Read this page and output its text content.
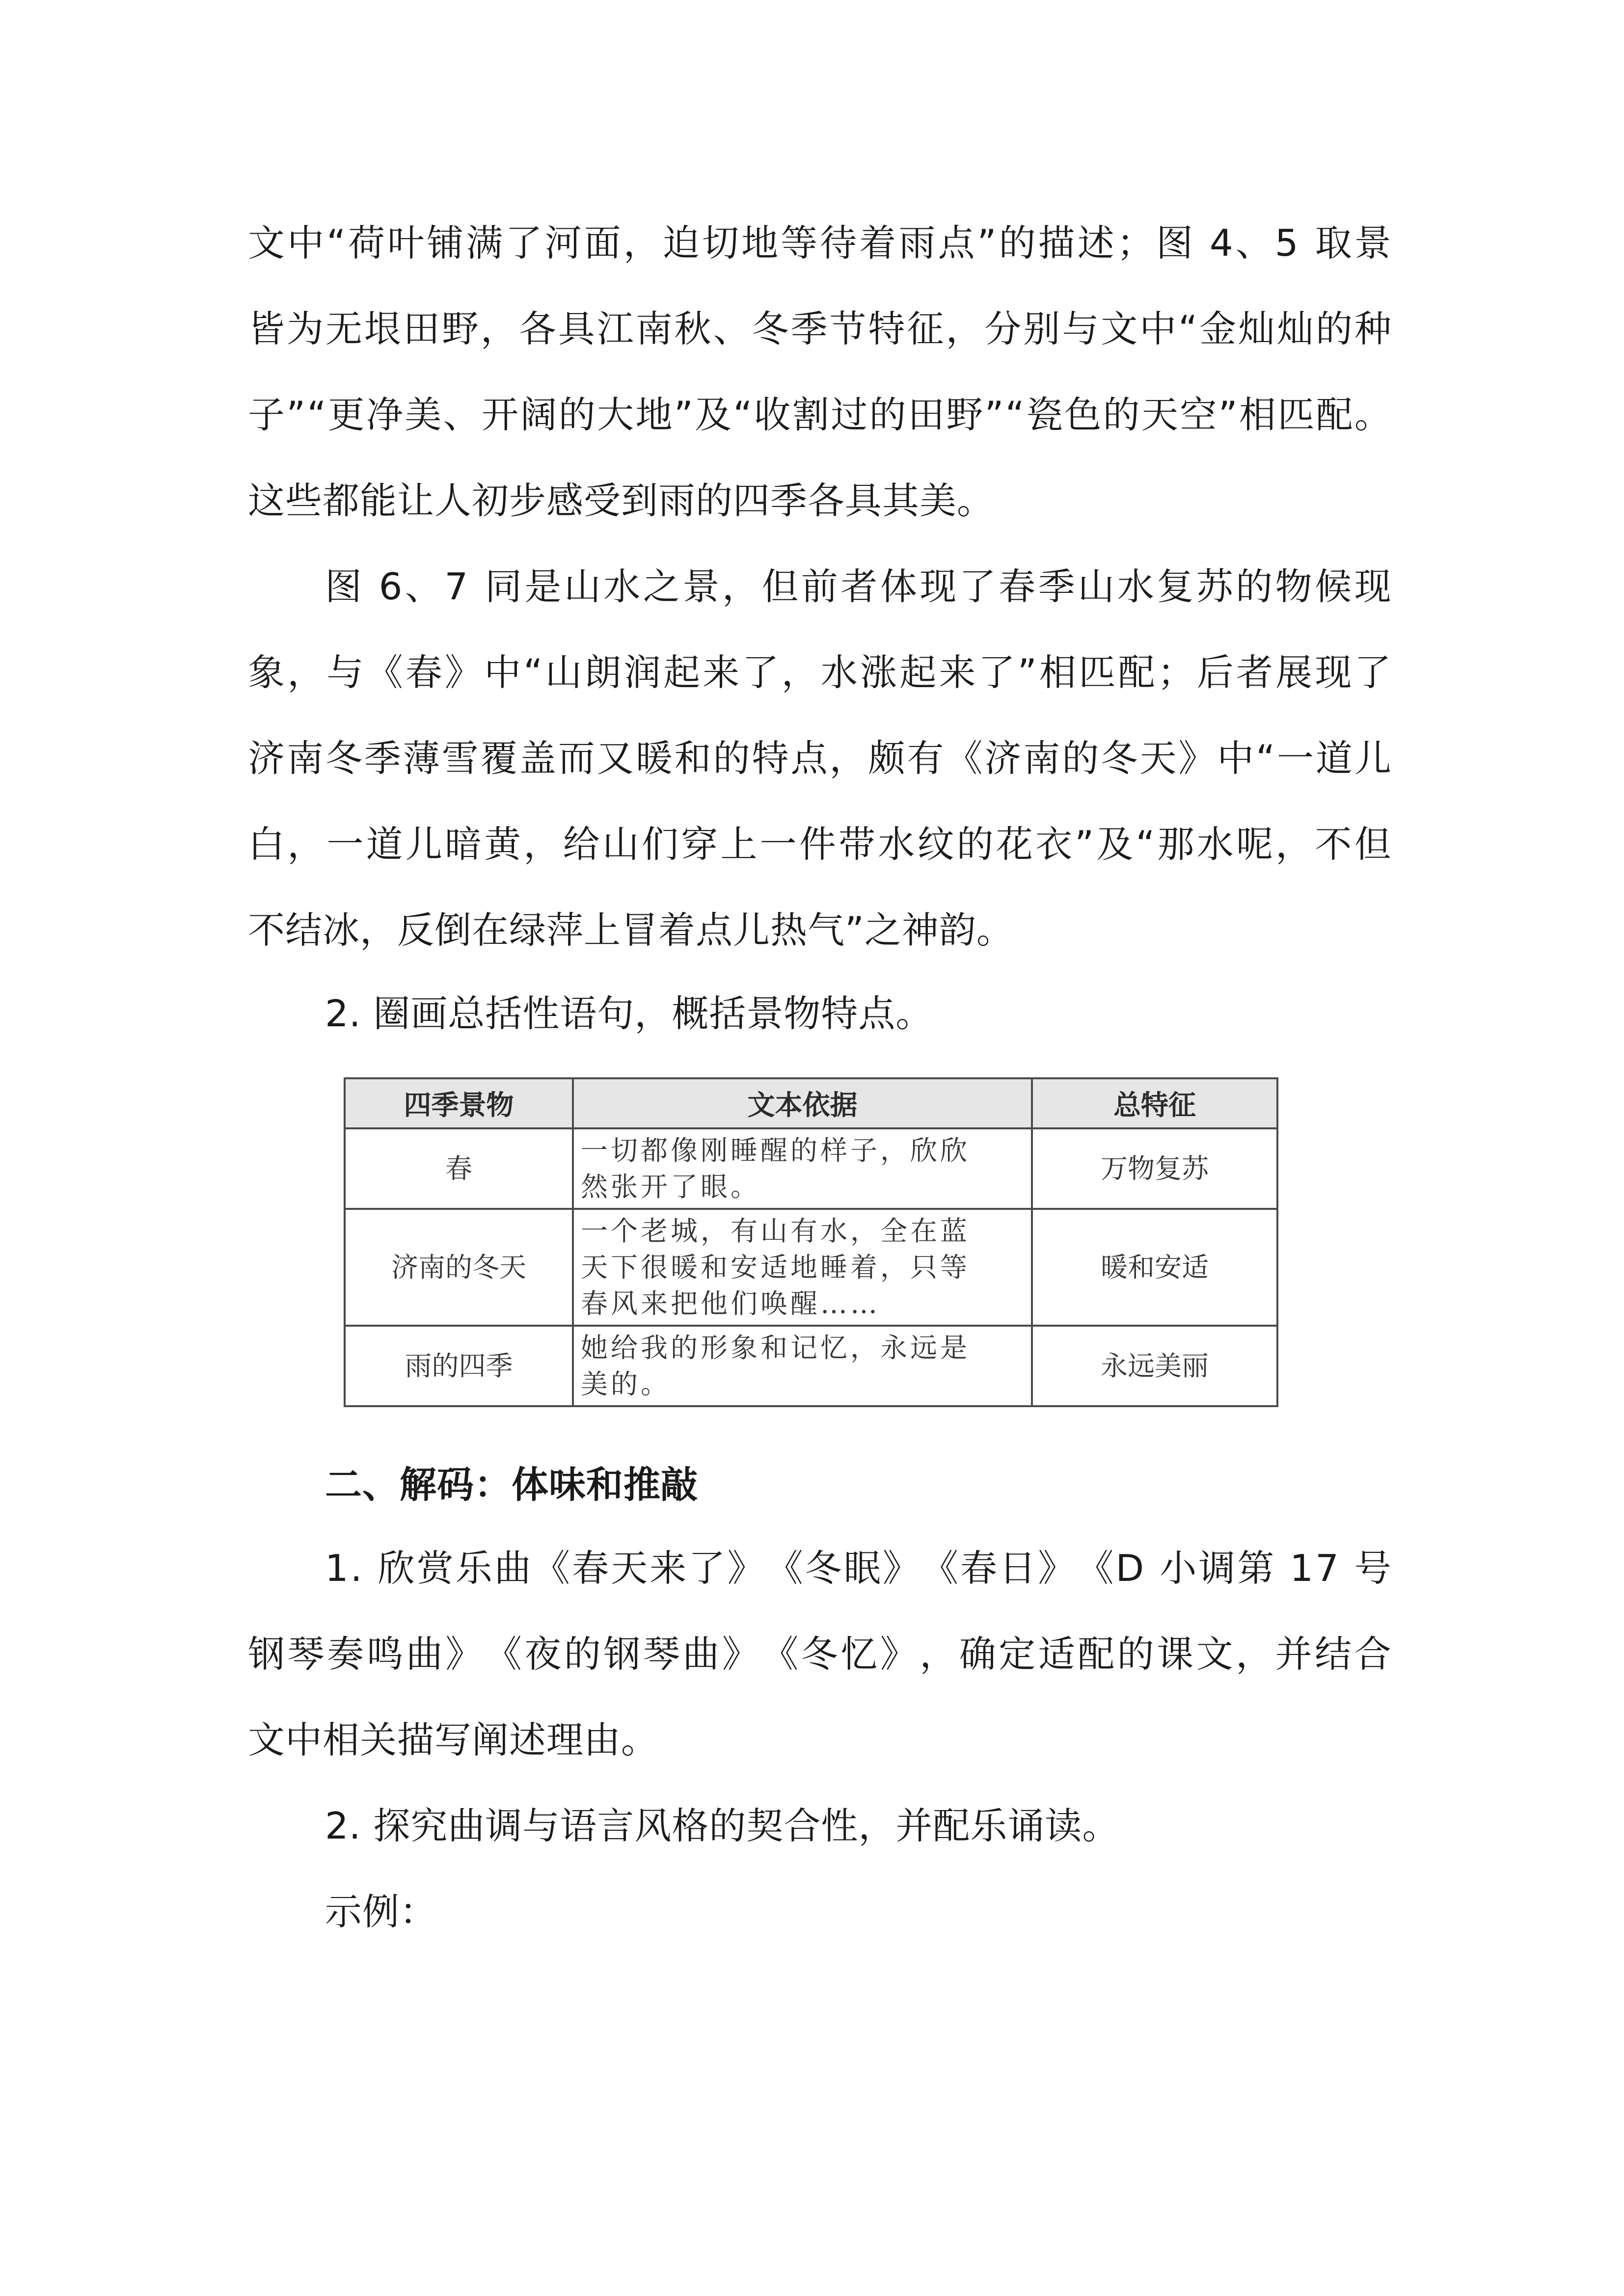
文 中 “ 荷 叶 铺 满 了 河 面 ， 迫 切 地 等 待 着 雨 点 ” 的 描 述 ； 图
4 、 5
取 景
皆 为 无 垠 田 野 ， 各 具 江 南 秋 、 冬 季 节 特 征 ， 分 别 与 文 中 “ 金 灿 灿 的 种
子 ” “ 更 净 美 、 开 阔 的 大 地 ” 及 “ 收 割 过 的 田 野 ” “ 瓷 色 的 天 空 ” 相 匹 配 。
这些都能让人初步感受到雨的四季各具其美。
图
6 、 7
同 是 山 水 之 景 ， 但 前 者 体 现 了 春 季 山 水 复 苏 的 物 候 现
象 ， 与 《 春 》 中 “ 山 朗 润 起 来 了 ， 水 涨 起 来 了 ” 相 匹 配 ； 后 者 展 现 了
济 南 冬 季 薄 雪 覆 盖 而 又 暖 和 的 特 点 ， 颇 有 《 济 南 的 冬 天 》 中 “ 一 道 儿
白 ， 一 道 儿 暗 黄 ， 给 山 们 穿 上 一 件 带 水 纹 的 花 衣 ” 及 “ 那 水 呢 ， 不 但
不结冰，反倒在绿萍上冒着点儿热气”之神韵。
2. 圈画总括性语句，概括景物特点。
四季景物	文本依据	总特征
春	一切都像刚睡醒的样子，欣欣
然张开了眼。	万物复苏
济南的冬天	一个老城，有山有水，全在蓝
天下很暖和安适地睡着，只等
春风来把他们唤醒……	暖和安适
雨的四季	她给我的形象和记忆，永远是
美的。	永远美丽
二、解码：体味和推敲
1 .
欣 赏 乐 曲 《 春 天 来 了 》 《 冬 眠 》 《 春 日 》 《 D
小 调 第
1 7
号
钢 琴 奏 鸣 曲 》 《 夜 的 钢 琴 曲 》 《 冬 忆 》 ， 确 定 适 配 的 课 文 ， 并 结 合
文中相关描写阐述理由。
2. 探究曲调与语言风格的契合性，并配乐诵读。
示例：
